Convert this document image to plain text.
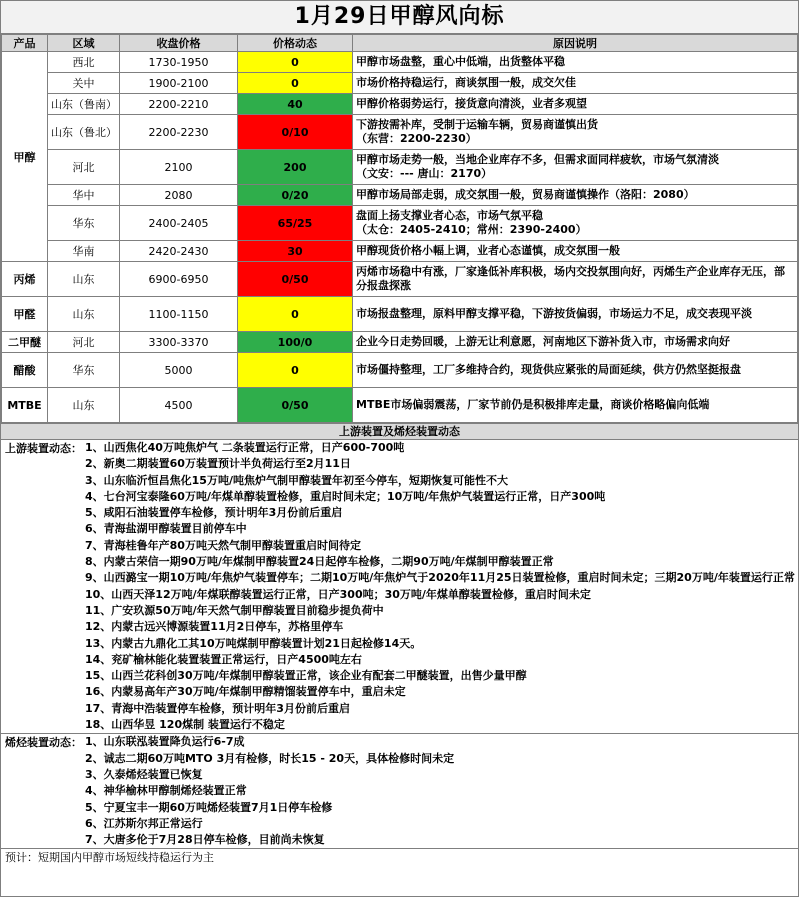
1月29日甲醇风向标
产品	区域	收盘价格	价格动态	原因说明
甲醇	西北	1730-1950	0	甲醇市场盘整，重心中低端，出货整体平稳

	关中	1900-2100	0	市场价格持稳运行，商谈氛围一般，成交欠佳

	山东（鲁南）	2200-2210	40	甲醇价格弱势运行，接货意向清淡，业者多观望

	山东（鲁北）	2200-2230	0/10	下游按需补库，受制于运输车辆，贸易商谨慎出货
（东营：2200-2230）

	河北	2100	200	甲醇市场走势一般，当地企业库存不多，但需求面同样疲软，市场气氛清淡
（文安：--- 唐山：2170）

	华中	2080	0/20	甲醇市场局部走弱，成交氛围一般，贸易商谨慎操作（洛阳：2080）

	华东	2400-2405	65/25	盘面上扬支撑业者心态，市场气氛平稳
（太仓：2405-2410；常州：2390-2400）

	华南	2420-2430	30	甲醇现货价格小幅上调，业者心态谨慎，成交氛围一般

丙烯	山东	6900-6950	0/50	丙烯市场稳中有涨，厂家逢低补库积极，场内交投氛围向好，丙烯生产企业库存无压，部分报盘探涨

甲醛	山东	1100-1150	0	市场报盘整理，原料甲醇支撑平稳，下游按货偏弱，市场运力不足，成交表现平淡

二甲醚	河北	3300-3370	100/0	企业今日走势回暖，上游无让利意愿，河南地区下游补货入市，市场需求向好

醋酸	华东	5000	0	市场僵持整理，工厂多维持合约，现货供应紧张的局面延续，供方仍然坚挺报盘

MTBE	山东	4500	0/50	MTBE市场偏弱震荡，厂家节前仍是积极排库走量，商谈价格略偏向低端
上游装置及烯烃装置动态
上游装置动态： 1、山西焦化40万吨焦炉气 二条装置运行正常，日产600-700吨
2、新奥二期装置60万装置预计半负荷运行至2月11日
3、山东临沂恒昌焦化15万吨/吨焦炉气制甲醇装置年初至今停车，短期恢复可能性不大
4、七台河宝泰隆60万吨/年煤单醇装置检修，重启时间未定；10万吨/年焦炉气装置运行正常，日产300吨
5、咸阳石油装置停车检修，预计明年3月份前后重启
6、青海盐湖甲醇装置目前停车中
7、青海桂鲁年产80万吨天然气制甲醇装置重启时间待定
8、内蒙古荣信一期90万吨/年煤制甲醇装置24日起停车检修，二期90万吨/年煤制甲醇装置正常
9、山西潞宝一期10万吨/年焦炉气装置停车；二期10万吨/年焦炉气于2020年11月25日装置检修，重启时间未定；三期20万吨/年装置运行正常
10、山西天泽12万吨/年煤联醇装置运行正常，日产300吨；30万吨/年煤单醇装置检修，重启时间未定
11、广安玖源50万吨/年天然气制甲醇装置目前稳步提负荷中
12、内蒙古远兴博源装置11月2日停车，苏格里停车
13、内蒙古九鼎化工其10万吨煤制甲醇装置计划21日起检修14天。
14、兖矿榆林能化装置装置正常运行，日产4500吨左右
15、山西兰花科创30万吨/年煤制甲醇装置正常，该企业有配套二甲醚装置，出售少量甲醇
16、内蒙易高年产30万吨/年煤制甲醇精馏装置停车中，重启未定
17、青海中浩装置停车检修，预计明年3月份前后重启
18、山西华昱 120煤制 装置运行不稳定
烯烃装置动态： 1、山东联泓装置降负运行6-7成
2、诚志二期60万吨MTO 3月有检修，时长15 - 20天，具体检修时间未定
3、久泰烯烃装置已恢复
4、神华榆林甲醇制烯烃装置正常
5、宁夏宝丰一期60万吨烯烃装置7月1日停车检修
6、江苏斯尔邦正常运行
7、大唐多伦于7月28日停车检修，目前尚未恢复
预计：短期国内甲醇市场短线持稳运行为主
